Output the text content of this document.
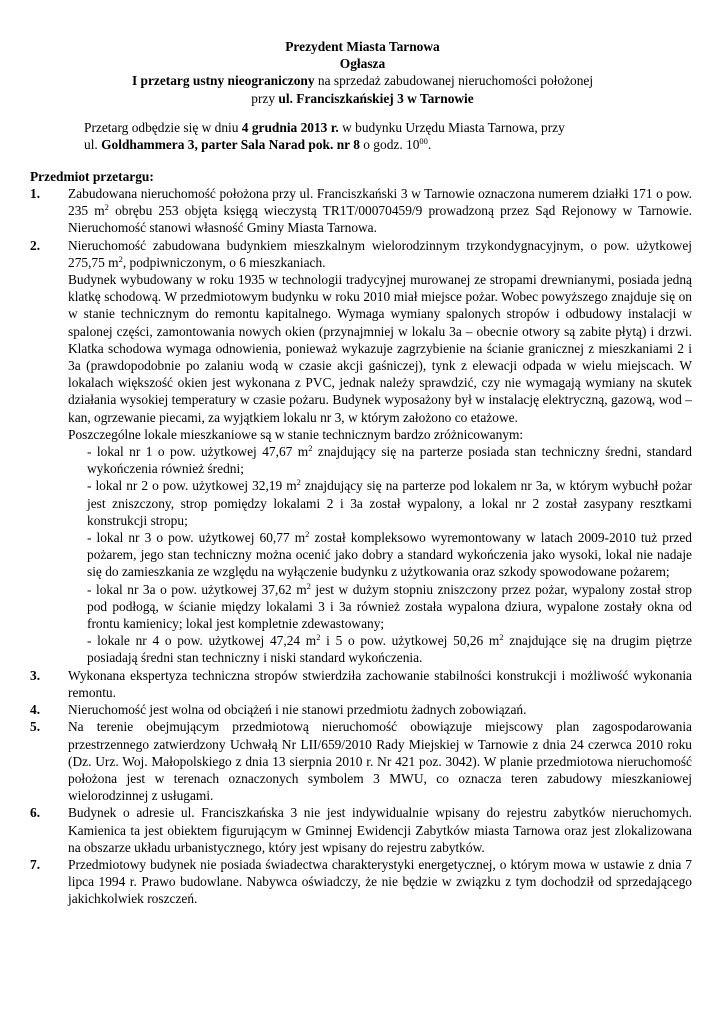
Prezydent Miasta Tarnowa
Ogłasza
I przetarg ustny nieograniczony na sprzedaż zabudowanej nieruchomości położonej
przy ul. Franciszkańskiej 3 w Tarnowie
Przetarg odbędzie się w dniu 4 grudnia 2013 r. w budynku Urzędu Miasta Tarnowa, przy
ul. Goldhammera 3, parter Sala Narad pok. nr 8 o godz. $10^{00}$.
Przedmiot przetargu:
1. Zabudowana nieruchomość położona przy ul. Franciszkański 3 w Tarnowie oznaczona numerem działki 171 o pow. 235 $m^2$ obrębu 253 objęta księgą wieczystą TR1T/00070459/9 prowadzoną przez Sąd Rejonowy w Tarnowie. Nieruchomość stanowi własność Gminy Miasta Tarnowa.

2. Nieruchomość zabudowana budynkiem mieszkalnym wielorodzinnym trzykondygnacyjnym, o pow. użytkowej 275,75 $m^2$, podpiwniczonym, o 6 mieszkaniach.

Budynek wybudowany w roku 1935 w technologii tradycyjnej murowanej ze stropami drewnianymi, posiada jedną klatkę schodową. W przedmiotowym budynku w roku 2010 miał miejsce pożar. Wobec powyższego znajduje się on w stanie technicznym do remontu kapitalnego. Wymaga wymiany spalonych stropów i odbudowy instalacji w spalonej części, zamontowania nowych okien (przynajmniej w lokalu 3a – obecnie otwory są zabite płytą) i drzwi. Klatka schodowa wymaga odnowienia, ponieważ wykazuje zagrzybienie na ścianie granicznej z mieszkaniami 2 i 3a (prawdopodobnie po zalaniu wodą w czasie akcji gaśniczej), tynk z elewacji odpada w wielu miejscach. W lokalach większość okien jest wykonana z PVC, jednak należy sprawdzić, czy nie wymagają wymiany na skutek działania wysokiej temperatury w czasie pożaru. Budynek wyposażony był w instalację elektryczną, gazową, wod – kan, ogrzewanie piecami, za wyjątkiem lokalu nr 3, w którym założono co etażowe.

Poszczególne lokale mieszkaniowe są w stanie technicznym bardzo zróżnicowanym:

- lokal nr 1 o pow. użytkowej 47,67 $m^2$ znajdujący się na parterze posiada stan techniczny średni, standard wykończenia również średni;

- lokal nr 2 o pow. użytkowej 32,19 $m^2$ znajdujący się na parterze pod lokalem nr 3a, w którym wybuchł pożar jest zniszczony, strop pomiędzy lokalami 2 i 3a został wypalony, a lokal nr 2 został zasypany resztkami konstrukcji stropu;

- lokal nr 3 o pow. użytkowej 60,77 $m^2$ został kompleksowo wyremontowany w latach 2009-2010 tuż przed pożarem, jego stan techniczny można ocenić jako dobry a standard wykończenia jako wysoki, lokal nie nadaje się do zamieszkania ze względu na wyłączenie budynku z użytkowania oraz szkody spowodowane pożarem;

- lokal nr 3a o pow. użytkowej 37,62 $m^2$ jest w dużym stopniu zniszczony przez pożar, wypalony został strop pod podłogą, w ścianie między lokalami 3 i 3a również została wypalona dziura, wypalone zostały okna od frontu kamienicy; lokal jest kompletnie zdewastowany;

- lokale nr 4 o pow. użytkowej 47,24 $m^2$ i 5 o pow. użytkowej 50,26 $m^2$ znajdujące się na drugim piętrze posiadają średni stan techniczny i niski standard wykończenia.

3. Wykonana ekspertyza techniczna stropów stwierdziła zachowanie stabilności konstrukcji i możliwość wykonania remontu.

4. Nieruchomość jest wolna od obciążeń i nie stanowi przedmiotu żadnych zobowiązań.

5. Na terenie obejmującym przedmiotową nieruchomość obowiązuje miejscowy plan zagospodarowania przestrzennego zatwierdzony Uchwałą Nr LII/659/2010 Rady Miejskiej w Tarnowie z dnia 24 czerwca 2010 roku (Dz. Urz. Woj. Małopolskiego z dnia 13 sierpnia 2010 r. Nr 421 poz. 3042). W planie przedmiotowa nieruchomość położona jest w terenach oznaczonych symbolem 3 MWU, co oznacza teren zabudowy mieszkaniowej wielorodzinnej z usługami.

6. Budynek o adresie ul. Franciszkańska 3 nie jest indywidualnie wpisany do rejestru zabytków nieruchomych. Kamienica ta jest obiektem figurującym w Gminnej Ewidencji Zabytków miasta Tarnowa oraz jest zlokalizowana na obszarze układu urbanistycznego, który jest wpisany do rejestru zabytków.

7. Przedmiotowy budynek nie posiada świadectwa charakterystyki energetycznej, o którym mowa w ustawie z dnia 7 lipca 1994 r. Prawo budowlane. Nabywca oświadczy, że nie będzie w związku z tym dochodził od sprzedającego jakichkolwiek roszczeń.
